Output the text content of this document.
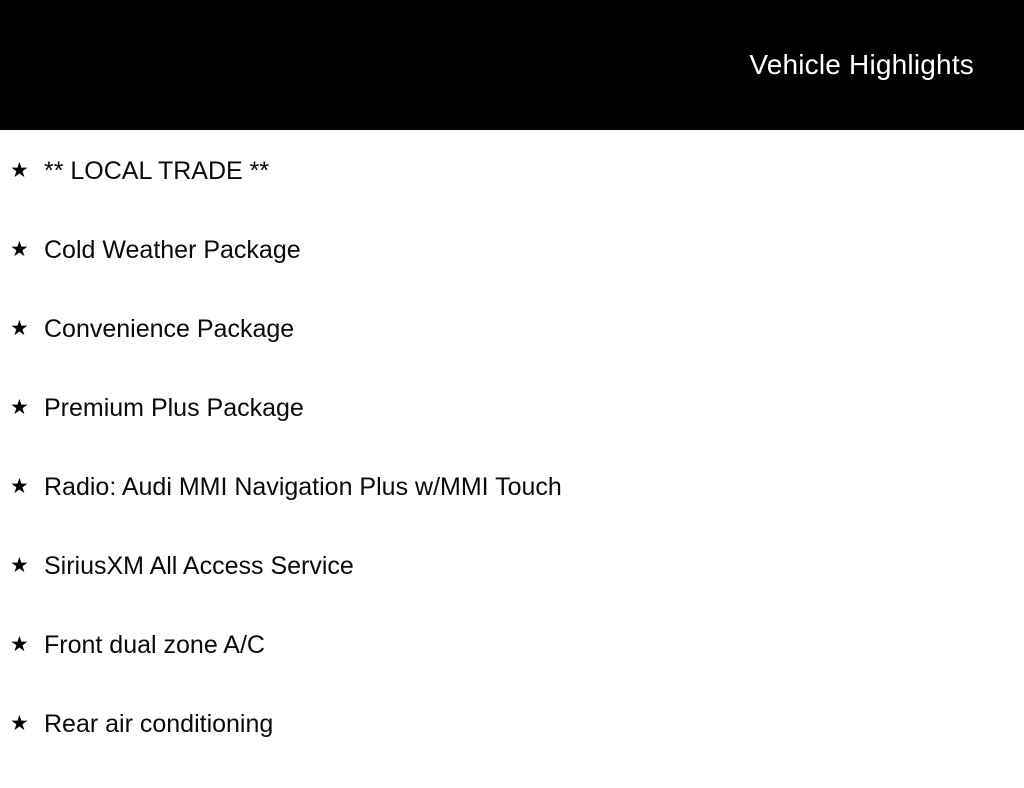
Vehicle Highlights
★ ** LOCAL TRADE **
★ Cold Weather Package
★ Convenience Package
★ Premium Plus Package
★ Radio: Audi MMI Navigation Plus w/MMI Touch
★ SiriusXM All Access Service
★ Front dual zone A/C
★ Rear air conditioning
